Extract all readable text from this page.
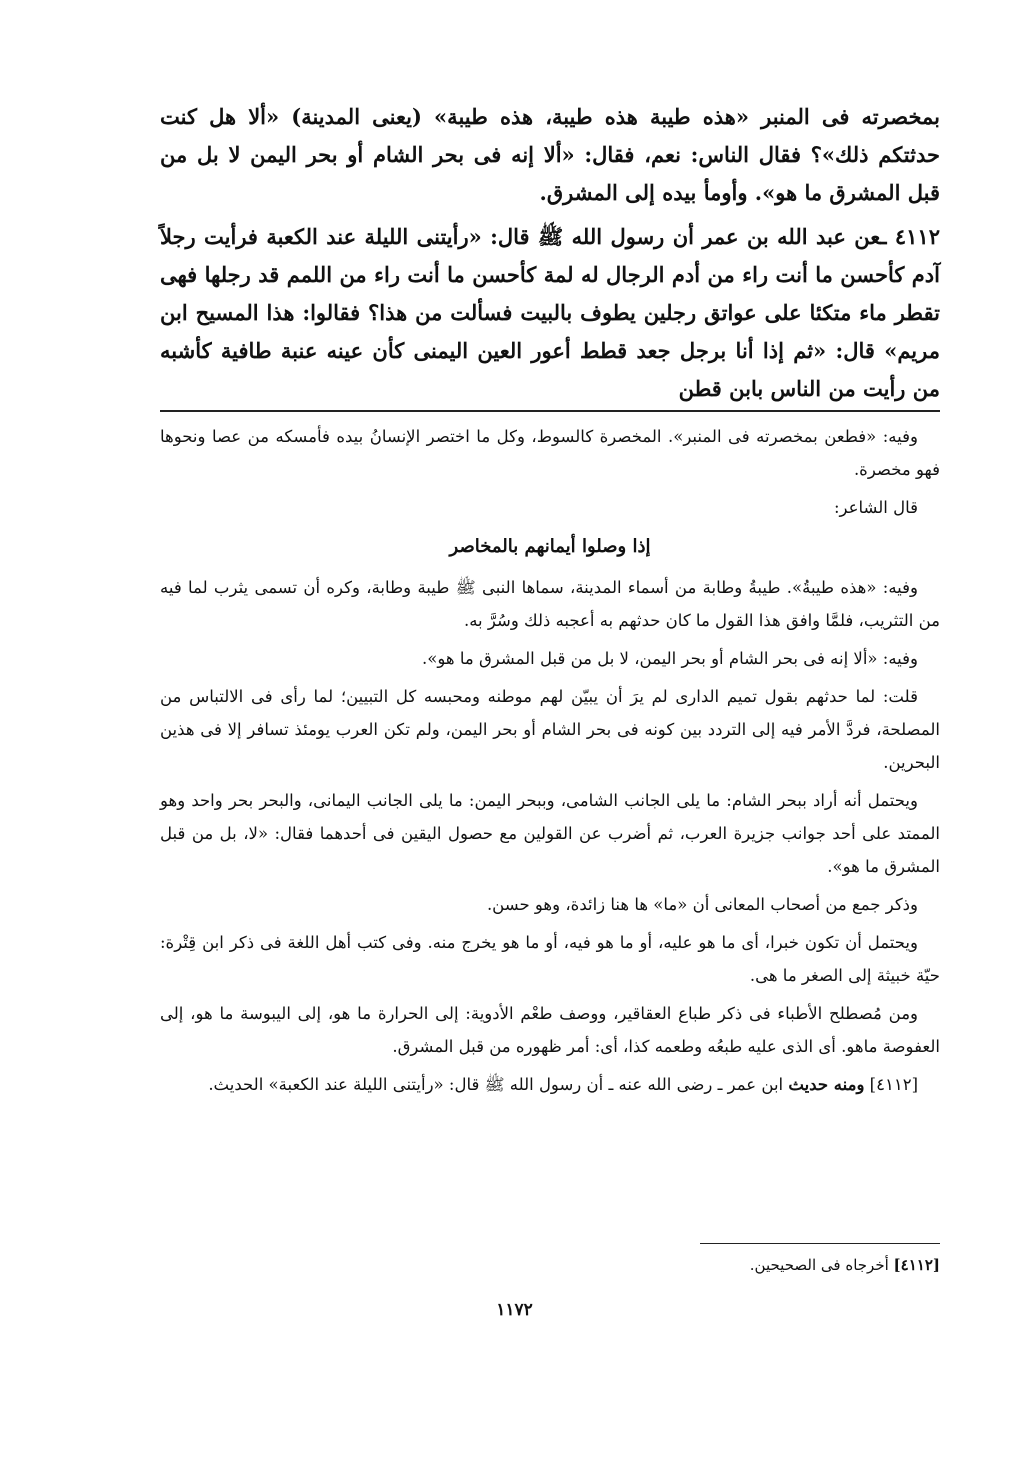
بمخصرته فى المنبر «هذه طيبة هذه طيبة، هذه طيبة» (يعنى المدينة) «ألا هل كنت حدثتكم ذلك»؟ فقال الناس: نعم، فقال: «ألا إنه فى بحر الشام أو بحر اليمن لا بل من قبل المشرق ما هو». وأومأ بيده إلى المشرق.

٤١١٢ ـعن عبد الله بن عمر أن رسول الله ﷺ قال: «رأيتنى الليلة عند الكعبة فرأيت رجلاً آدم كأحسن ما أنت راء من أدم الرجال له لمة كأحسن ما أنت راء من اللمم قد رجلها فهى تقطر ماء متكئا على عواتق رجلين يطوف بالبيت فسألت من هذا؟ فقالوا: هذا المسيح ابن مريم» قال: «ثم إذا أنا برجل جعد قطط أعور العين اليمنى كأن عينه عنبة طافية كأشبه من رأيت من الناس بابن قطن

وفيه: «فطعن بمخصرته فى المنبر». المخصرة كالسوط، وكل ما اختصر الإنسانُ بيده فأمسكه من عصا ونحوها فهو مخصرة.

قال الشاعر:

إذا وصلوا أيمانهم بالمخاصر

وفيه: «هذه طيبةُ». طيبةُ وطابة من أسماء المدينة، سماها النبى ﷺ طيبة وطابة، وكره أن تسمى يثرب لما فيه من التثريب، فلمَّا وافق هذا القول ما كان حدثهم به أعجبه ذلك وسُرَّ به.

وفيه: «ألا إنه فى بحر الشام أو بحر اليمن، لا بل من قبل المشرق ما هو».

قلت: لما حدثهم بقول تميم الدارى لم يرَ أن يبيّن لهم موطنه ومحبسه كل التبيين؛ لما رأى فى الالتباس من المصلحة، فردَّ الأمر فيه إلى التردد بين كونه فى بحر الشام أو بحر اليمن، ولم تكن العرب يومئذ تسافر إلا فى هذين البحرين.

ويحتمل أنه أراد ببحر الشام: ما يلى الجانب الشامى، وببحر اليمن: ما يلى الجانب اليمانى، والبحر بحر واحد وهو الممتد على أحد جوانب جزيرة العرب، ثم أضرب عن القولين مع حصول اليقين فى أحدهما فقال: «لا، بل من قبل المشرق ما هو».

وذكر جمع من أصحاب المعانى أن «ما» ها هنا زائدة، وهو حسن.

ويحتمل أن تكون خبرا، أى ما هو عليه، أو ما هو فيه، أو ما هو يخرج منه. وفى كتب أهل اللغة فى ذكر ابن قِتْرة: حيّة خبيثة إلى الصغر ما هى.

ومن مُصطلح الأطباء فى ذكر طباع العقاقير، ووصف طعْم الأدوية: إلى الحرارة ما هو، إلى اليبوسة ما هو، إلى العفوصة ماهو. أى الذى عليه طبعُه وطعمه كذا، أى: أمر ظهوره من قبل المشرق.

[٤١١٢] ومنه حديث ابن عمر ـ رضى الله عنه ـ أن رسول الله ﷺ قال: «رأيتنى الليلة عند الكعبة» الحديث.

[٤١١٢] أخرجاه فى الصحيحين.
١١٧٢
